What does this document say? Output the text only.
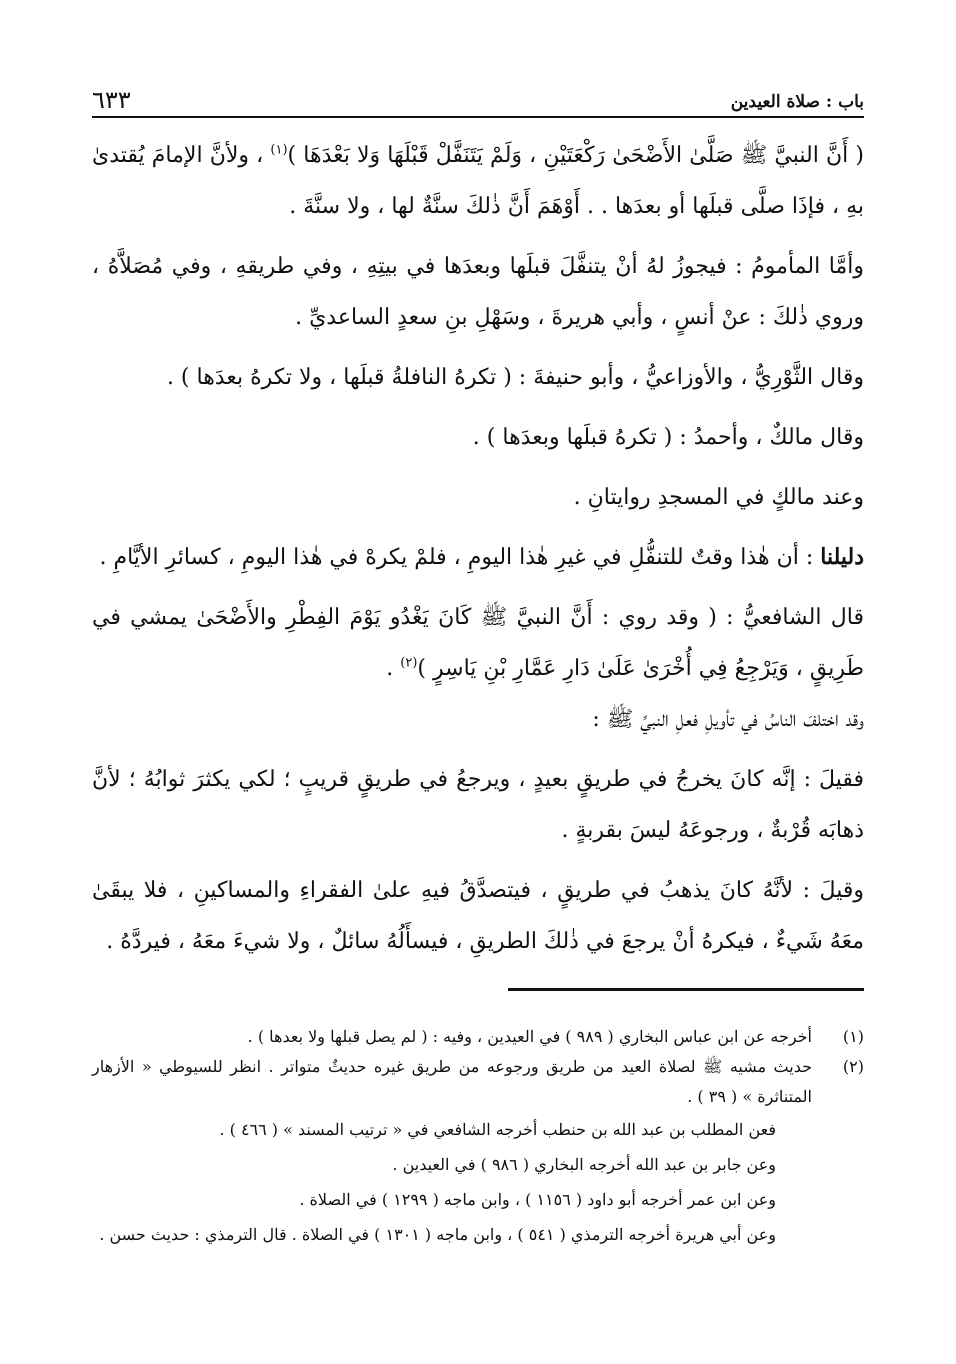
باب : صلاة العيدين
٦٣٣

( أَنَّ النبيَّ ﷺ صَلَّىٰ الأَضْحَىٰ رَكْعَتَيْنِ ، وَلَمْ يَتَنَفَّلْ قَبْلَهَا وَلا بَعْدَهَا )$^{(١)}$ ، ولأنَّ الإمامَ يُقتدىٰ بهِ ، فإذَا صلَّى قبلَها أو بعدَها . . أَوْهَمَ أَنَّ ذٰلكَ سنَّةٌ لها ، ولا سنَّةَ .

وأمَّا المأمومُ : فيجوزُ لهُ أنْ يتنفَّلَ قبلَها وبعدَها في بيتِهِ ، وفي طريقهِ ، وفي مُصَلاَّهُ ، وروي ذٰلكَ : عنْ أنسٍ ، وأبي هريرةَ ، وسَهْلِ بنِ سعدٍ الساعديِّ .

وقال الثَّوْرِيُّ ، والأوزاعيُّ ، وأبو حنيفةَ : ( تكرهُ النافلةُ قبلَها ، ولا تكرهُ بعدَها ) .

وقال مالكٌ ، وأحمدُ : ( تكرهُ قبلَها وبعدَها ) .

وعند مالكٍ في المسجدِ روايتانِ .

دليلنا : أن هٰذا وقتٌ للتنفُّلِ في غيرِ هٰذا اليومِ ، فلمْ يكرهْ في هٰذا اليومِ ، كسائرِ الأيَّامِ .

قال الشافعيُّ : ( وقد روي : أَنَّ النبيَّ ﷺ كَانَ يَغْدُو يَوْمَ الفِطْرِ والأَضْحَىٰ يمشي في طَرِيقٍ ، وَيَرْجِعُ فِي أُخْرَىٰ عَلَىٰ دَارِ عَمَّارِ بْنِ يَاسِرٍ )$^{(٢)}$ .

وقد اختلفَ الناسُ في تأويلِ فعلِ النبيِّ ﷺ :

فقيلَ : إنَّه كانَ يخرجُ في طريقٍ بعيدٍ ، ويرجعُ في طريقٍ قريبٍ ؛ لكي يكثرَ ثوابُهُ ؛ لأنَّ ذهابَه قُرْبةٌ ، ورجوعَهُ ليسَ بقربةٍ .

وقيلَ : لأنَّهُ كانَ يذهبُ في طريقٍ ، فيتصدَّقُ فيهِ علىٰ الفقراءِ والمساكينِ ، فلا يبقَىٰ معَهُ شَيءٌ ، فيكرهُ أنْ يرجعَ في ذٰلكَ الطريقِ ، فيسأَلُهُ سائلٌ ، ولا شيءَ معَهُ ، فيردَّهُ .

(١)
أخرجه عن ابن عباس البخاري ( ٩٨٩ ) في العيدين ، وفيه : ( لم يصل قبلها ولا بعدها ) .
(٢)
حديث مشيه ﷺ لصلاة العيد من طريق ورجوعه من طريق غيره حديثٌ متواتر . انظر للسيوطي « الأزهار المتناثرة » ( ٣٩ ) .
فعن المطلب بن عبد الله بن حنطب أخرجه الشافعي في « ترتيب المسند » ( ٤٦٦ ) .
وعن جابر بن عبد الله أخرجه البخاري ( ٩٨٦ ) في العيدين .
وعن ابن عمر أخرجه أبو داود ( ١١٥٦ ) ، وابن ماجه ( ١٢٩٩ ) في الصلاة .
وعن أبي هريرة أخرجه الترمذي ( ٥٤١ ) ، وابن ماجه ( ١٣٠١ ) في الصلاة . قال الترمذي : حديث حسن .
